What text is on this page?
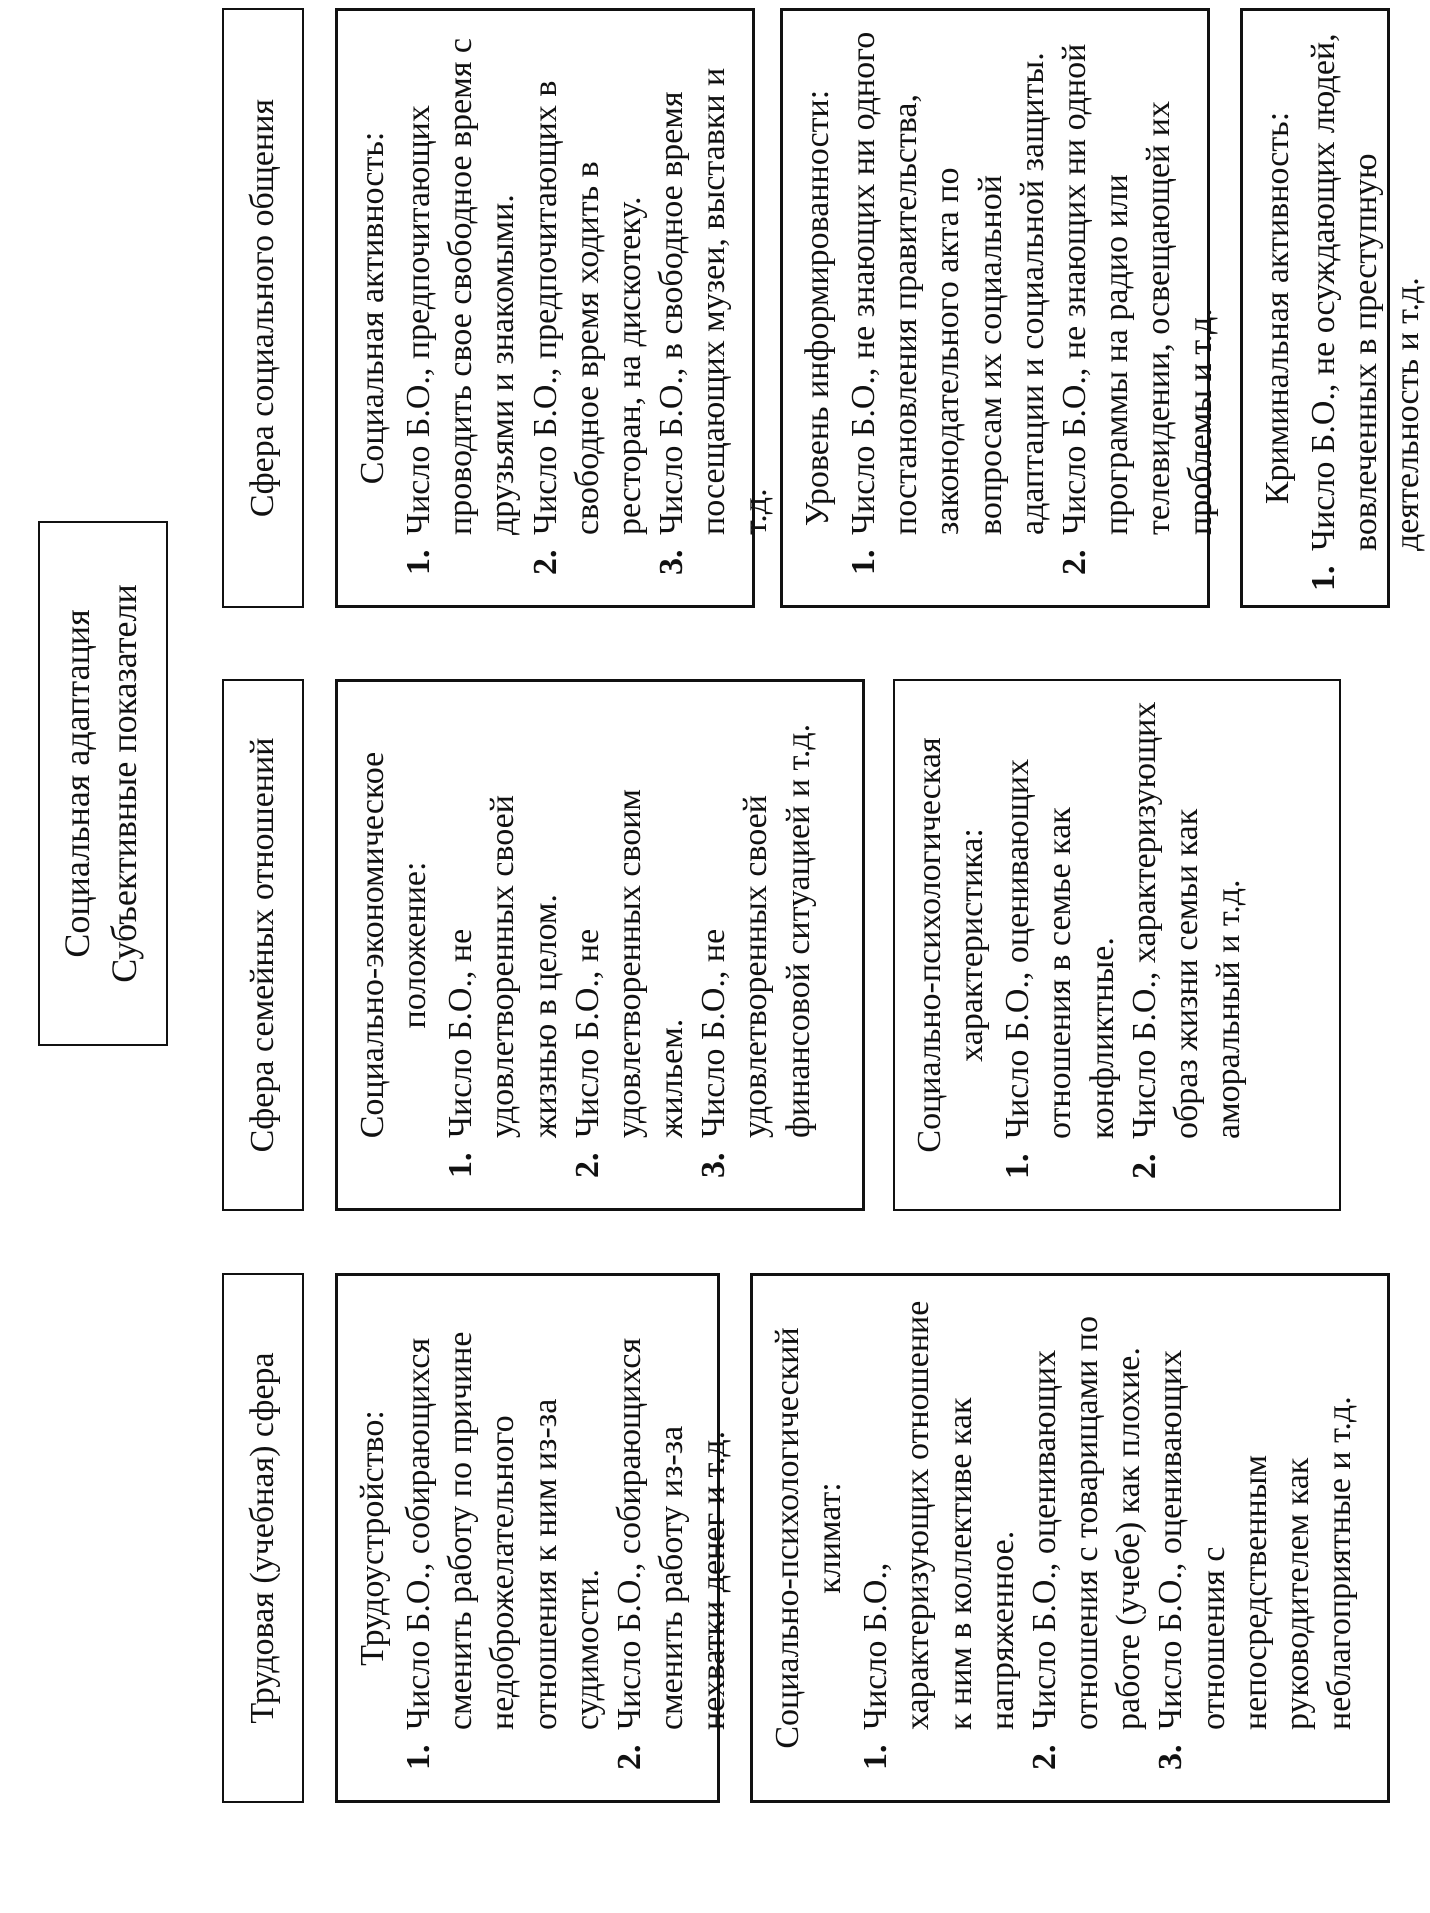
Социальная адаптация Субъективные показатели
Трудовая (учебная) сфера Трудоустройство: 1. Число Б.О., собирающихся сменить работу по причине недоброжелательного отношения к ним из-за судимости. 2. Число Б.О., собирающихся сменить работу из-за нехватки денег и т.д. Социально-психологический климат:
1. Число Б.О., характеризующих отношение к ним в коллективе как напряженное. 2. Число Б.О., оценивающих отношения с товарищами по работе (учебе) как плохие. 3. Число Б.О., оценивающих отношения с непосредственным руководителем как неблагоприятные и т.д.
Сфера семейных отношений Социально-экономическое положение: 1. Число Б.О., не удовлетворенных своей жизнью в целом. 2. Число Б.О., не удовлетворенных своим жильем. 3. Число Б.О., не удовлетворенных своей финансовой ситуацией и т.д.	Социально-психологическая характеристика: 1. Число Б.О., оценивающих отношения в семье как конфликтные. 2. Число Б.О., характеризующих образ жизни семьи как аморальный и т.д.
Сфера социального общения Социальная активность: 1. Число Б.О., предпочитающих проводить свое свободное время с друзьями и знакомыми. 2. Число Б.О., предпочитающих в свободное время ходить в ресторан, на дискотеку. 3. Число Б.О., в свободное время посещающих музеи, выставки и т.д. Уровень информированности: 1. Число Б.О., не знающих ни одного постановления правительства, законодательного акта по вопросам их социальной адаптации и социальной защиты. 2. Число Б.О., не знающих ни одной программы на радио или телевидении, освещающей их проблемы и т.д. Криминальная активность: 1. Число Б.О., не осуждающих людей, вовлеченных в преступную деятельность и т.д.
